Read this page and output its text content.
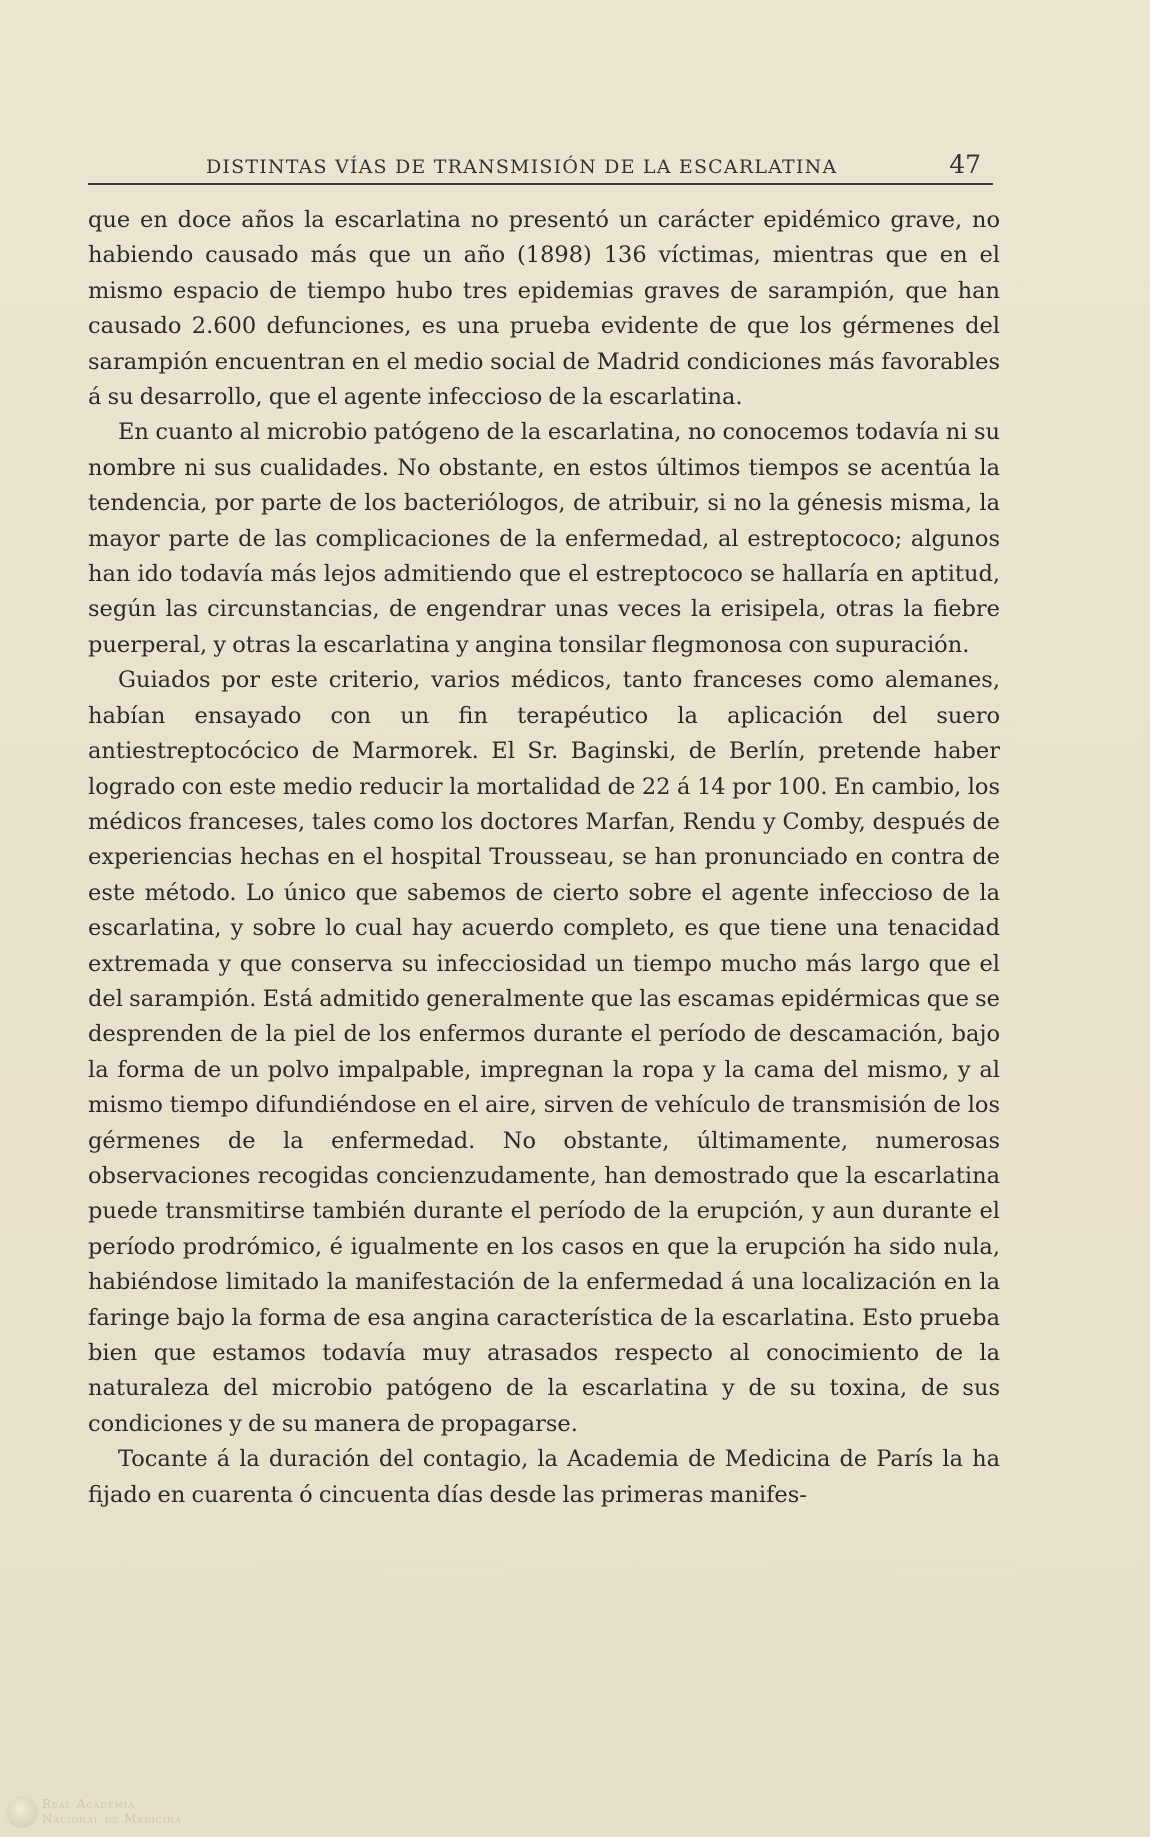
DISTINTAS VÍAS DE TRANSMISIÓN DE LA ESCARLATINA	47

que en doce años la escarlatina no presentó un carácter epidémico grave, no habiendo causado más que un año (1898) 136 víctimas, mientras que en el mismo espacio de tiempo hubo tres epidemias graves de sarampión, que han causado 2.600 defunciones, es una prueba evidente de que los gérmenes del sarampión encuentran en el medio social de Madrid condiciones más favorables á su desarrollo, que el agente infeccioso de la escarlatina.

En cuanto al microbio patógeno de la escarlatina, no conocemos todavía ni su nombre ni sus cualidades. No obstante, en estos últimos tiempos se acentúa la tendencia, por parte de los bacteriólogos, de atribuir, si no la génesis misma, la mayor parte de las complicaciones de la enfermedad, al estreptococo; algunos han ido todavía más lejos admitiendo que el estreptococo se hallaría en aptitud, según las circunstancias, de engendrar unas veces la erisipela, otras la fiebre puerperal, y otras la escarlatina y angina tonsilar flegmonosa con supuración.

Guiados por este criterio, varios médicos, tanto franceses como alemanes, habían ensayado con un fin terapéutico la aplicación del suero antiestreptocócico de Marmorek. El Sr. Baginski, de Berlín, pretende haber logrado con este medio reducir la mortalidad de 22 á 14 por 100. En cambio, los médicos franceses, tales como los doctores Marfan, Rendu y Comby, después de experiencias hechas en el hospital Trousseau, se han pronunciado en contra de este método. Lo único que sabemos de cierto sobre el agente infeccioso de la escarlatina, y sobre lo cual hay acuerdo completo, es que tiene una tenacidad extremada y que conserva su infecciosidad un tiempo mucho más largo que el del sarampión. Está admitido generalmente que las escamas epidérmicas que se desprenden de la piel de los enfermos durante el período de descamación, bajo la forma de un polvo impalpable, impregnan la ropa y la cama del mismo, y al mismo tiempo difundiéndose en el aire, sirven de vehículo de transmisión de los gérmenes de la enfermedad. No obstante, últimamente, numerosas observaciones recogidas concienzudamente, han demostrado que la escarlatina puede transmitirse también durante el período de la erupción, y aun durante el período prodrómico, é igualmente en los casos en que la erupción ha sido nula, habiéndose limitado la manifestación de la enfermedad á una localización en la faringe bajo la forma de esa angina característica de la escarlatina. Esto prueba bien que estamos todavía muy atrasados respecto al conocimiento de la naturaleza del microbio patógeno de la escarlatina y de su toxina, de sus condiciones y de su manera de propagarse.

Tocante á la duración del contagio, la Academia de Medicina de París la ha fijado en cuarenta ó cincuenta días desde las primeras manifes-

Real Academia
Nacional de Medicina
